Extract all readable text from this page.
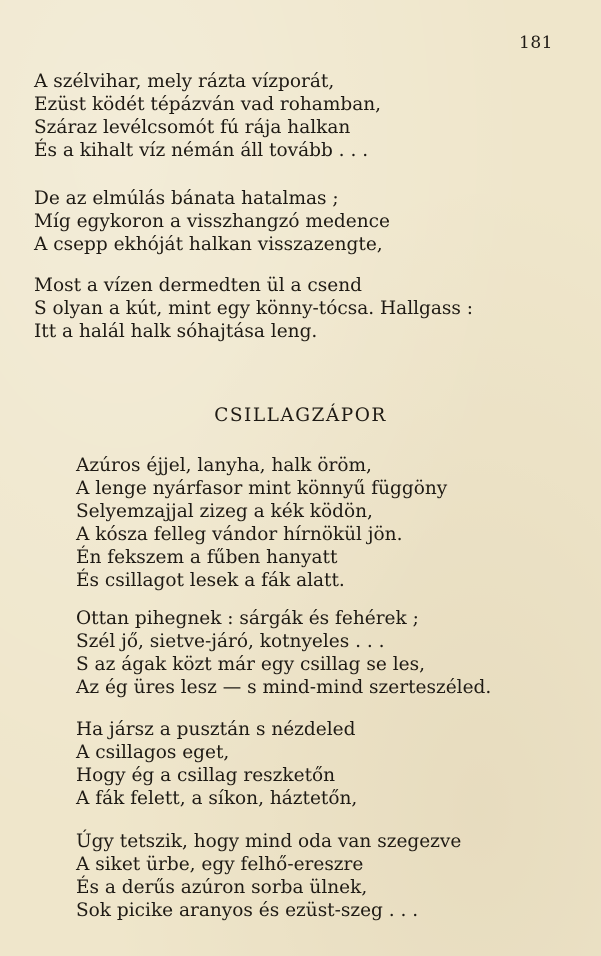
181
A szélvihar, mely rázta vízporát,
Ezüst ködét tépázván vad rohamban,
Száraz levélcsomót fú rája halkan
És a kihalt víz némán áll tovább . . .
De az elmúlás bánata hatalmas ;
Míg egykoron a visszhangzó medence
A csepp ekhóját halkan visszazengte,
Most a vízen dermedten ül a csend
S olyan a kút, mint egy könny-tócsa. Hallgass :
Itt a halál halk sóhajtása leng.
CSILLAGZÁPOR
Azúros éjjel, lanyha, halk öröm,
A lenge nyárfasor mint könnyű függöny
Selyemzajjal zizeg a kék ködön,
A kósza felleg vándor hírnökül jön.
Én fekszem a fűben hanyatt
És csillagot lesek a fák alatt.
Ottan pihegnek : sárgák és fehérek ;
Szél jő, sietve-járó, kotnyeles . . .
S az ágak közt már egy csillag se les,
Az ég üres lesz — s mind-mind szerteszéled.
Ha jársz a pusztán s nézdeled
A csillagos eget,
Hogy ég a csillag reszketőn
A fák felett, a síkon, háztetőn,
Úgy tetszik, hogy mind oda van szegezve
A siket ürbe, egy felhő-ereszre
És a derűs azúron sorba ülnek,
Sok picike aranyos és ezüst-szeg . . .
